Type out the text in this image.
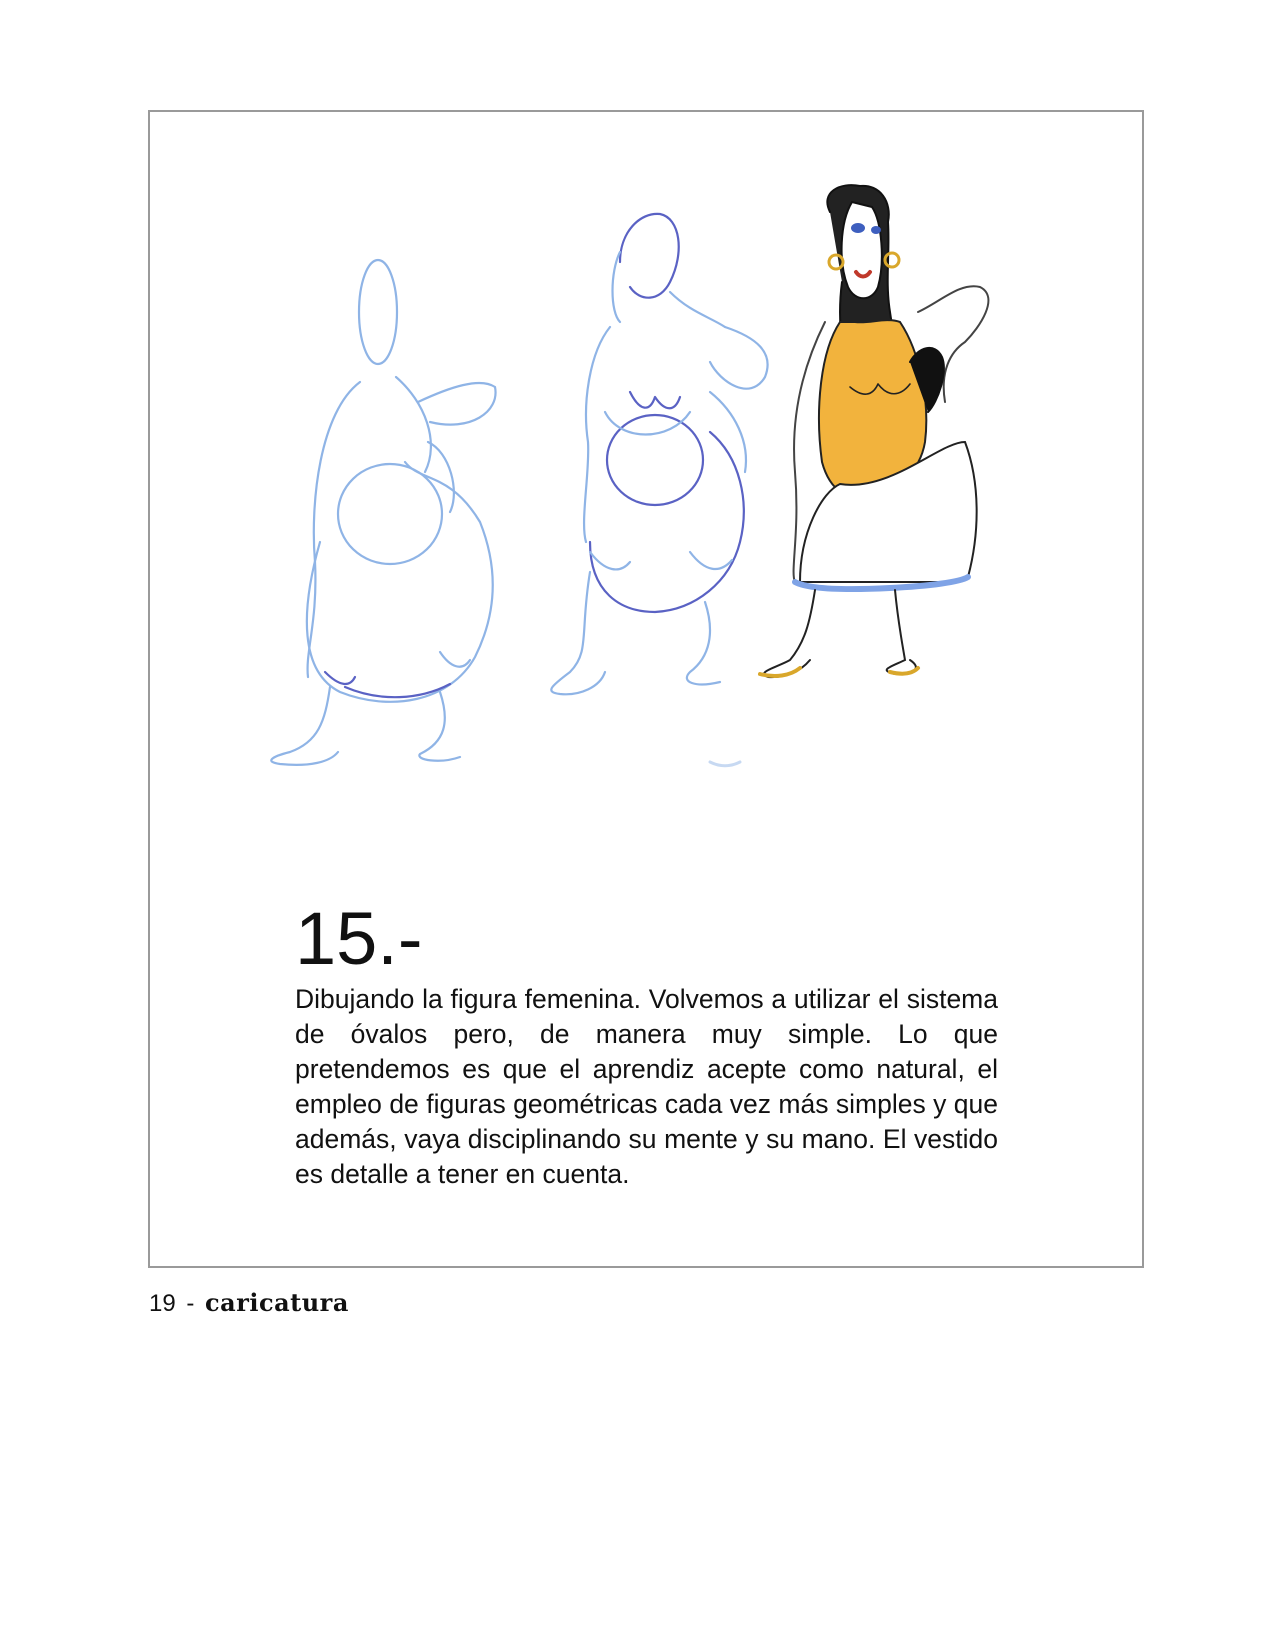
15.-
Dibujando la figura femenina. Volvemos a utilizar el sistema de óvalos pero, de manera muy simple. Lo que pretendemos es que el aprendiz acepte como natural, el empleo de figuras geométricas cada vez más simples y que además, vaya disciplinando su mente y su mano. El vestido es detalle a tener en cuenta.
19 - caricatura
